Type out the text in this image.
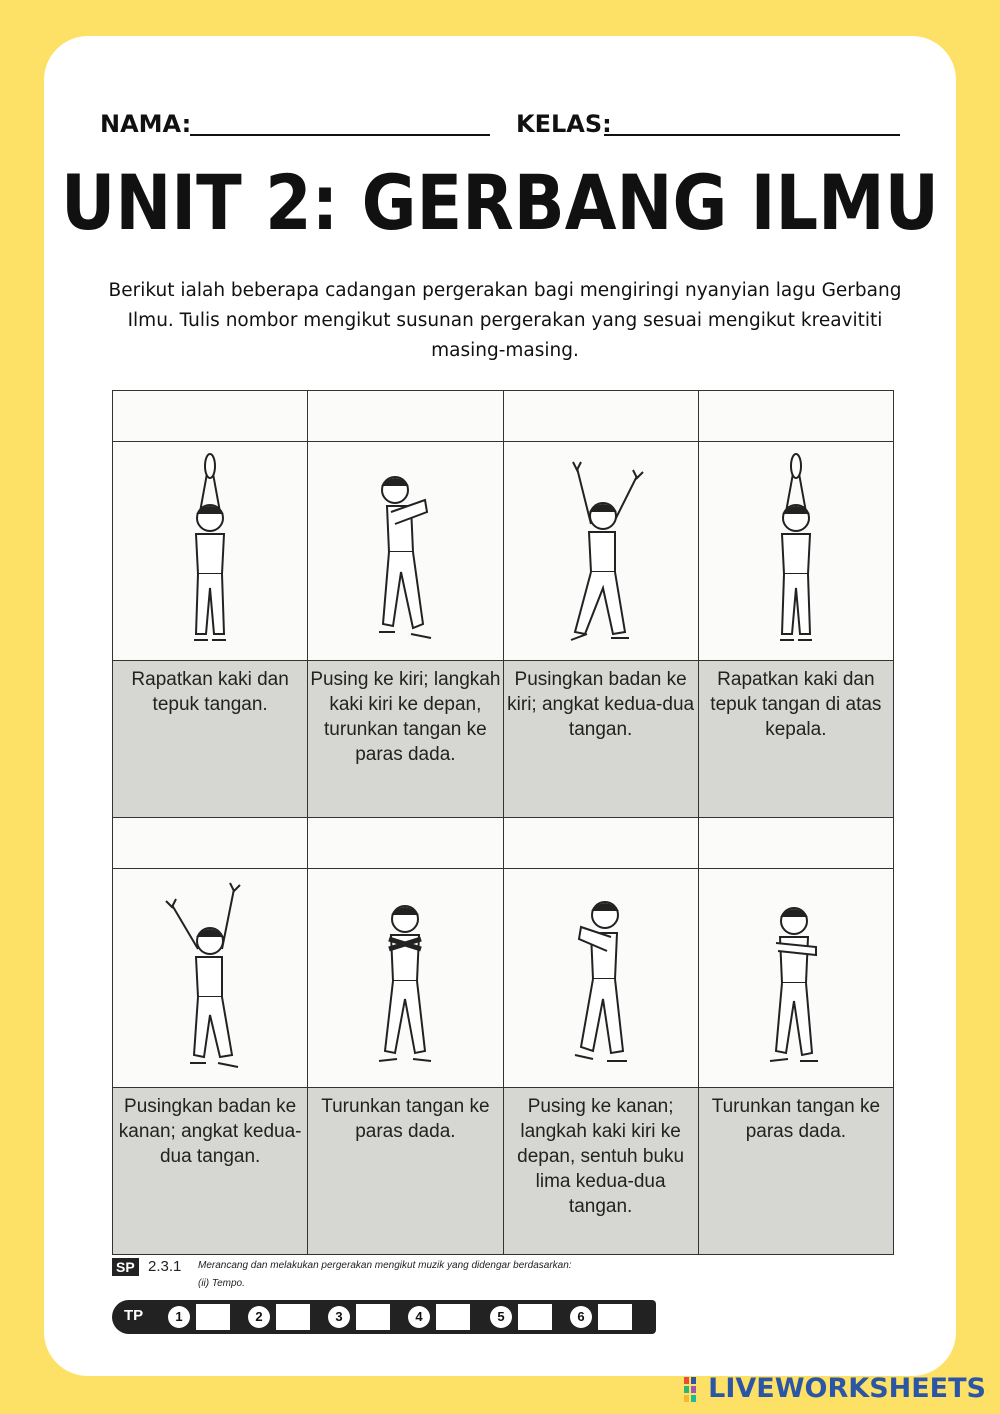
NAMA:	KELAS:
UNIT 2: GERBANG ILMU
Berikut ialah beberapa cadangan pergerakan bagi mengiringi nyanyian lagu Gerbang Ilmu. Tulis nombor mengikut susunan pergerakan yang sesuai mengikut kreavititi masing-masing.

Rapatkan kaki dan tepuk tangan.	Pusing ke kiri; langkah kaki kiri ke depan, turunkan tangan ke paras dada.	Pusingkan badan ke kiri; angkat kedua-dua tangan.	Rapatkan kaki dan tepuk tangan di atas kepala.

Pusingkan badan ke kanan; angkat kedua-dua tangan.	Turunkan tangan ke paras dada.	Pusing ke kanan; langkah kaki kiri ke depan, sentuh buku lima kedua-dua tangan.	Turunkan tangan ke paras dada.
SP 2.3.1 Merancang dan melakukan pergerakan mengikut muzik yang didengar berdasarkan:
(ii) Tempo.
TP	1	2	3	4	5	6
LIVEWORKSHEETS
